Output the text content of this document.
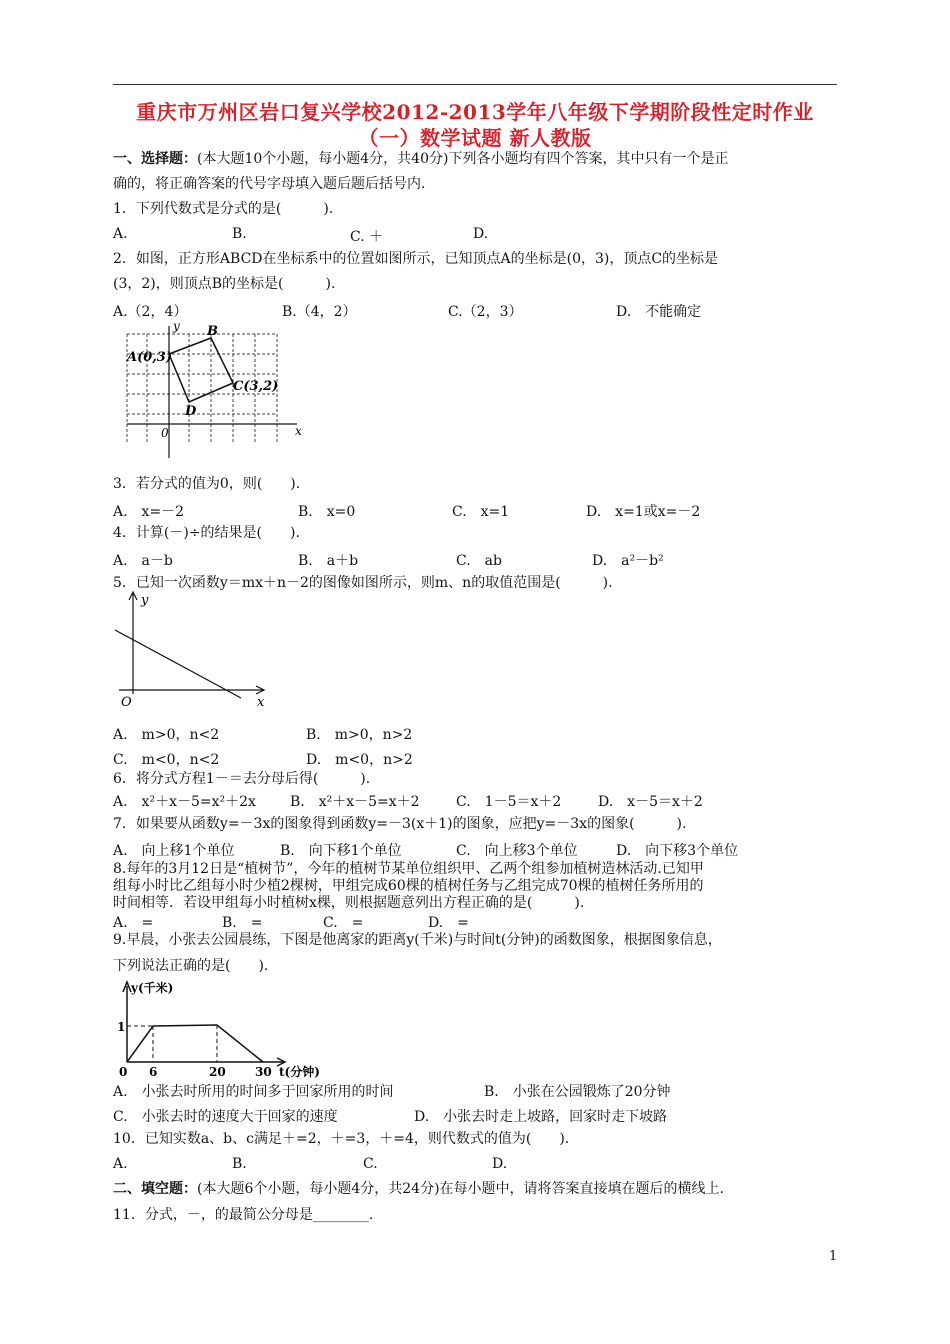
重庆市万州区岩口复兴学校2012-2013学年八年级下学期阶段性定时作业
（一）数学试题 新人教版
一、选择题：(本大题10个小题，每小题4分，共40分)下列各小题均有四个答案，其中只有一个是正
确的，将正确答案的代号字母填入题后题后括号内.
1．下列代数式是分式的是(　　　).
A.	B.	C. ＋	D.
2．如图，正方形ABCD在坐标系中的位置如图所示，已知顶点A的坐标是(0，3)，顶点C的坐标是
(3，2)，则顶点B的坐标是(　　　).
A.（2，4）	B.（4，2）	C.（2，3）	D.　不能确定
y
x
0
A(0,3)
B
C(3,2)
D
3．若分式的值为0，则(　　).
A.　x=－2	B.　x=0	C.　x=1	D.　x=1或x=－2
4．计算(－)÷的结果是(　　).
A.　a－b	B.　a＋b	C.　ab	D.　a²－b²
5．已知一次函数y＝mx＋n－2的图像如图所示，则m、n的取值范围是(　　　).
y
x
O
A.　m>0，n<2	B.　m>0，n>2
C.　m<0，n<2	D.　m<0，n>2
6．将分式方程1－＝去分母后得(　　　).
A.　x²＋x－5=x²＋2x B.　x²＋x－5=x＋2	C.　1－5＝x＋2	D.　x－5＝x＋2
7．如果要从函数y=－3x的图象得到函数y=－3(x＋1)的图象，应把y=－3x的图象(　　　).
A.　向上移1个单位	B.　向下移1个单位	C.　向上移3个单位	D.　向下移3个单位
8.每年的3月12日是“植树节”，今年的植树节某单位组织甲、乙两个组参加植树造林活动.已知甲
组每小时比乙组每小时少植2棵树，甲组完成60棵的植树任务与乙组完成70棵的植树任务所用的
时间相等．若设甲组每小时植树x棵，则根据题意列出方程正确的是(　　　).
A.　=	B.　=	C.　=	D.　=
9.早晨，小张去公园晨练，下图是他离家的距离y(千米)与时间t(分钟)的函数图象，根据图象信息，
下列说法正确的是(　　).
y(千米)
t(分钟)
1
0 6	20 30
A.　小张去时所用的时间多于回家所用的时间	B.　小张在公园锻炼了20分钟
C.　小张去时的速度大于回家的速度	D.　小张去时走上坡路，回家时走下坡路
10．已知实数a、b、c满足＋=2，＋=3，＋=4，则代数式的值为(　　).
A.	B.	C.	D.
二、填空题：(本大题6个小题，每小题4分，共24分)在每小题中，请将答案直接填在题后的横线上.
11．分式，－，的最简公分母是________.
1
